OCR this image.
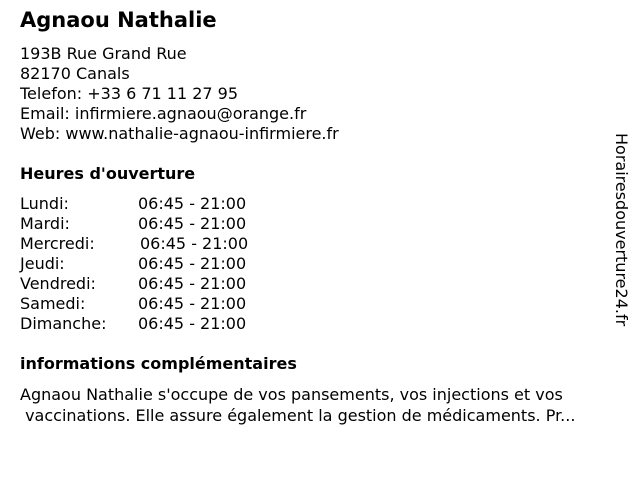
Agnaou Nathalie
193B Rue Grand Rue
82170 Canals
Telefon: +33 6 71 11 27 95
Email: infirmiere.agnaou@orange.fr
Web: www.nathalie-agnaou-infirmiere.fr
Heures d'ouverture
Lundi:	06:45 - 21:00
Mardi:	06:45 - 21:00
Mercredi:	06:45 - 21:00
Jeudi:	06:45 - 21:00
Vendredi:	06:45 - 21:00
Samedi:	06:45 - 21:00
Dimanche: 06:45 - 21:00
informations complémentaires
Agnaou Nathalie s'occupe de vos pansements, vos injections et vos
vaccinations. Elle assure également la gestion de médicaments. Pr...
Horairesdouverture24.fr
